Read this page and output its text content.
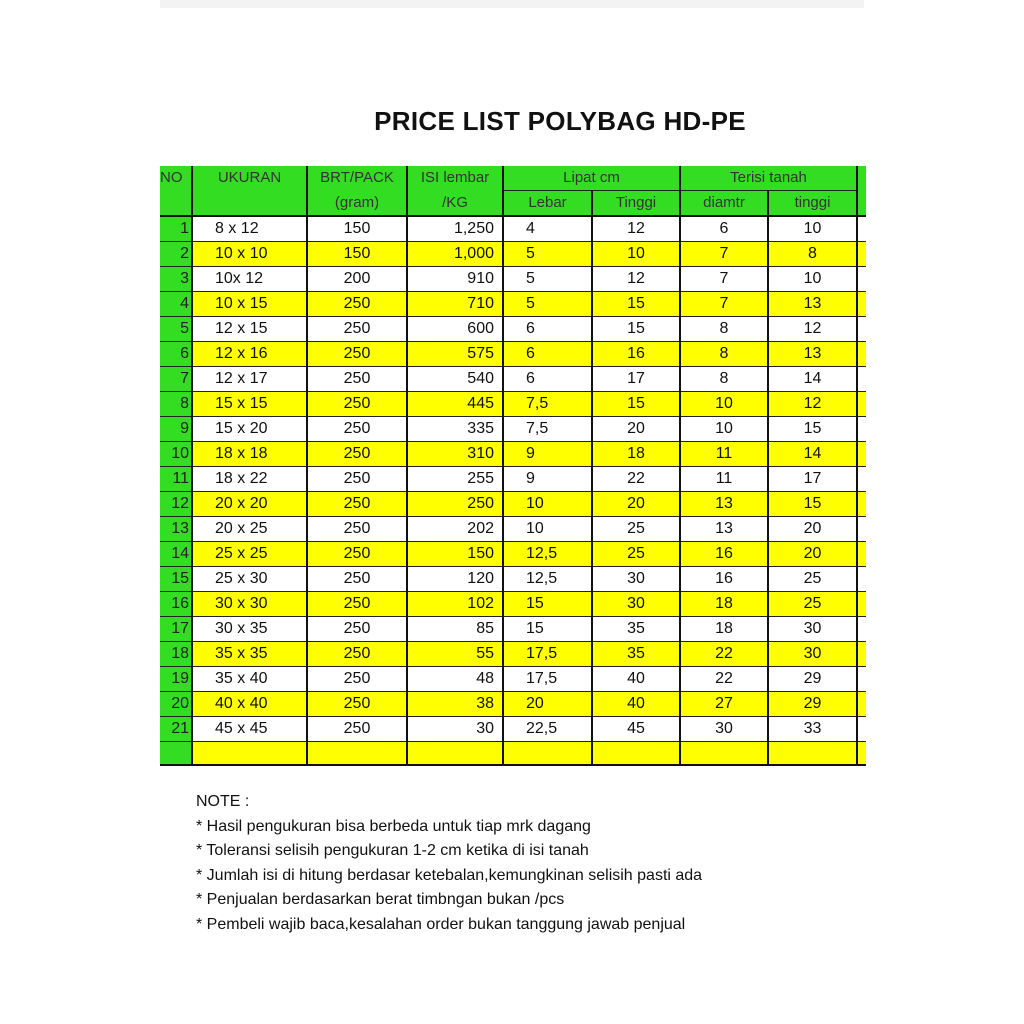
PRICE LIST POLYBAG HD-PE
NO	UKURAN	BRT/PACK	ISI lembar	Lipat cm		Terisi tanah		
		(gram)	/KG	Lebar	Tinggi	diamtr	tinggi	
1	8 x 12	150	1,250	4	12	6	10	
2	10 x 10	150	1,000	5	10	7	8	
3	10x 12	200	910	5	12	7	10	
4	10 x 15	250	710	5	15	7	13	
5	12 x 15	250	600	6	15	8	12	
6	12 x 16	250	575	6	16	8	13	
7	12 x 17	250	540	6	17	8	14	
8	15 x 15	250	445	7,5	15	10	12	
9	15 x 20	250	335	7,5	20	10	15	
10	18 x 18	250	310	9	18	11	14	
11	18 x 22	250	255	9	22	11	17	
12	20 x 20	250	250	10	20	13	15	
13	20 x 25	250	202	10	25	13	20	
14	25 x 25	250	150	12,5	25	16	20	
15	25 x 30	250	120	12,5	30	16	25	
16	30 x 30	250	102	15	30	18	25	
17	30 x 35	250	85	15	35	18	30	
18	35 x 35	250	55	17,5	35	22	30	
19	35 x 40	250	48	17,5	40	22	29	
20	40 x 40	250	38	20	40	27	29	
21	45 x 45	250	30	22,5	45	30	33	

NOTE :
* Hasil pengukuran bisa berbeda untuk tiap mrk dagang
* Toleransi selisih pengukuran 1-2 cm ketika di isi tanah
* Jumlah isi di hitung berdasar ketebalan,kemungkinan selisih pasti ada
* Penjualan berdasarkan berat timbngan bukan /pcs
* Pembeli wajib baca,kesalahan order bukan tanggung jawab penjual
